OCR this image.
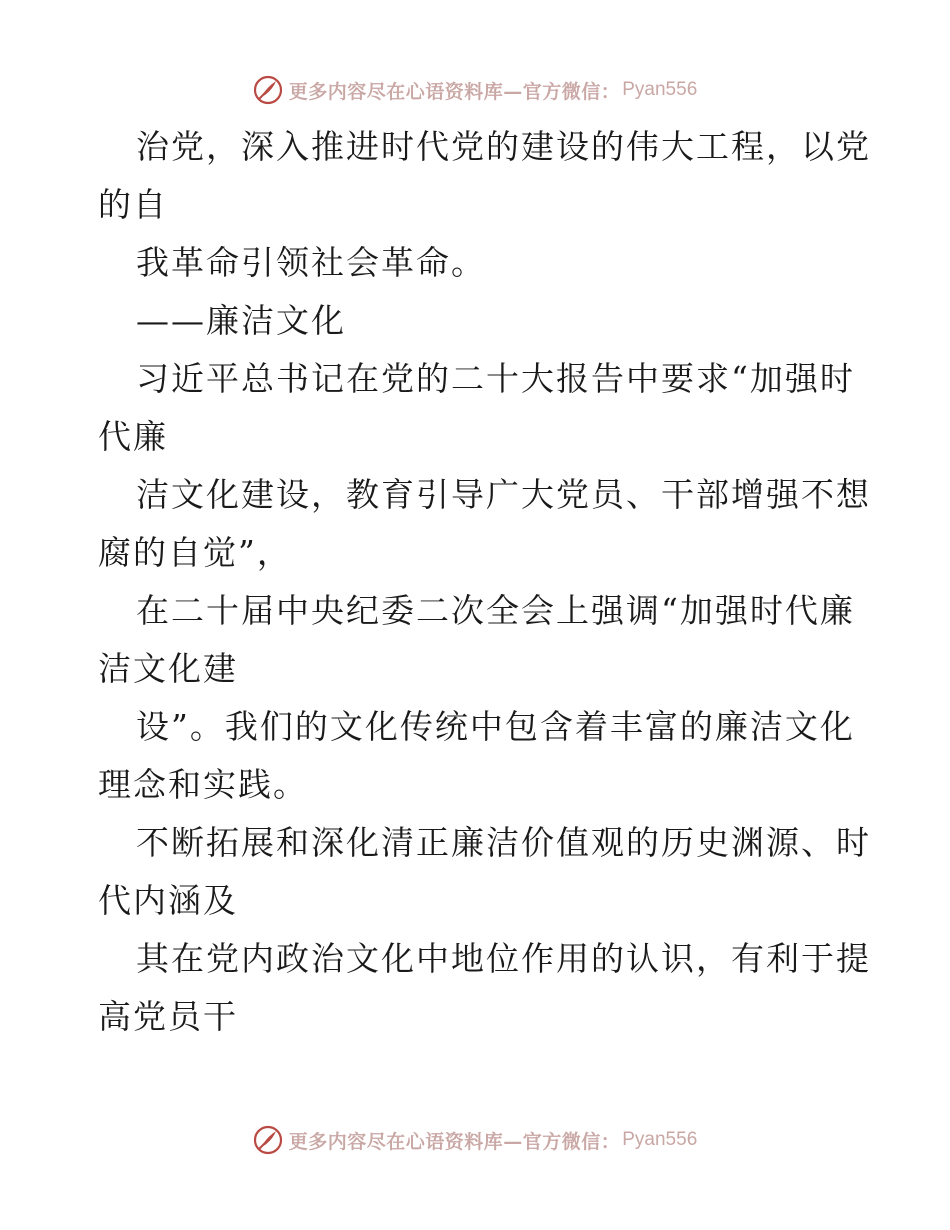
更多内容尽在心语资料库—官方微信： Pyan556
治党，深入推进时代党的建设的伟大工程，以党
的自
我革命引领社会革命。
——廉洁文化
习近平总书记在党的二十大报告中要求“加强时
代廉
洁文化建设，教育引导广大党员、干部增强不想
腐的自觉”，
在二十届中央纪委二次全会上强调“加强时代廉
洁文化建
设”。我们的文化传统中包含着丰富的廉洁文化
理念和实践。
不断拓展和深化清正廉洁价值观的历史渊源、时
代内涵及
其在党内政治文化中地位作用的认识，有利于提
高党员干
更多内容尽在心语资料库—官方微信： Pyan556
